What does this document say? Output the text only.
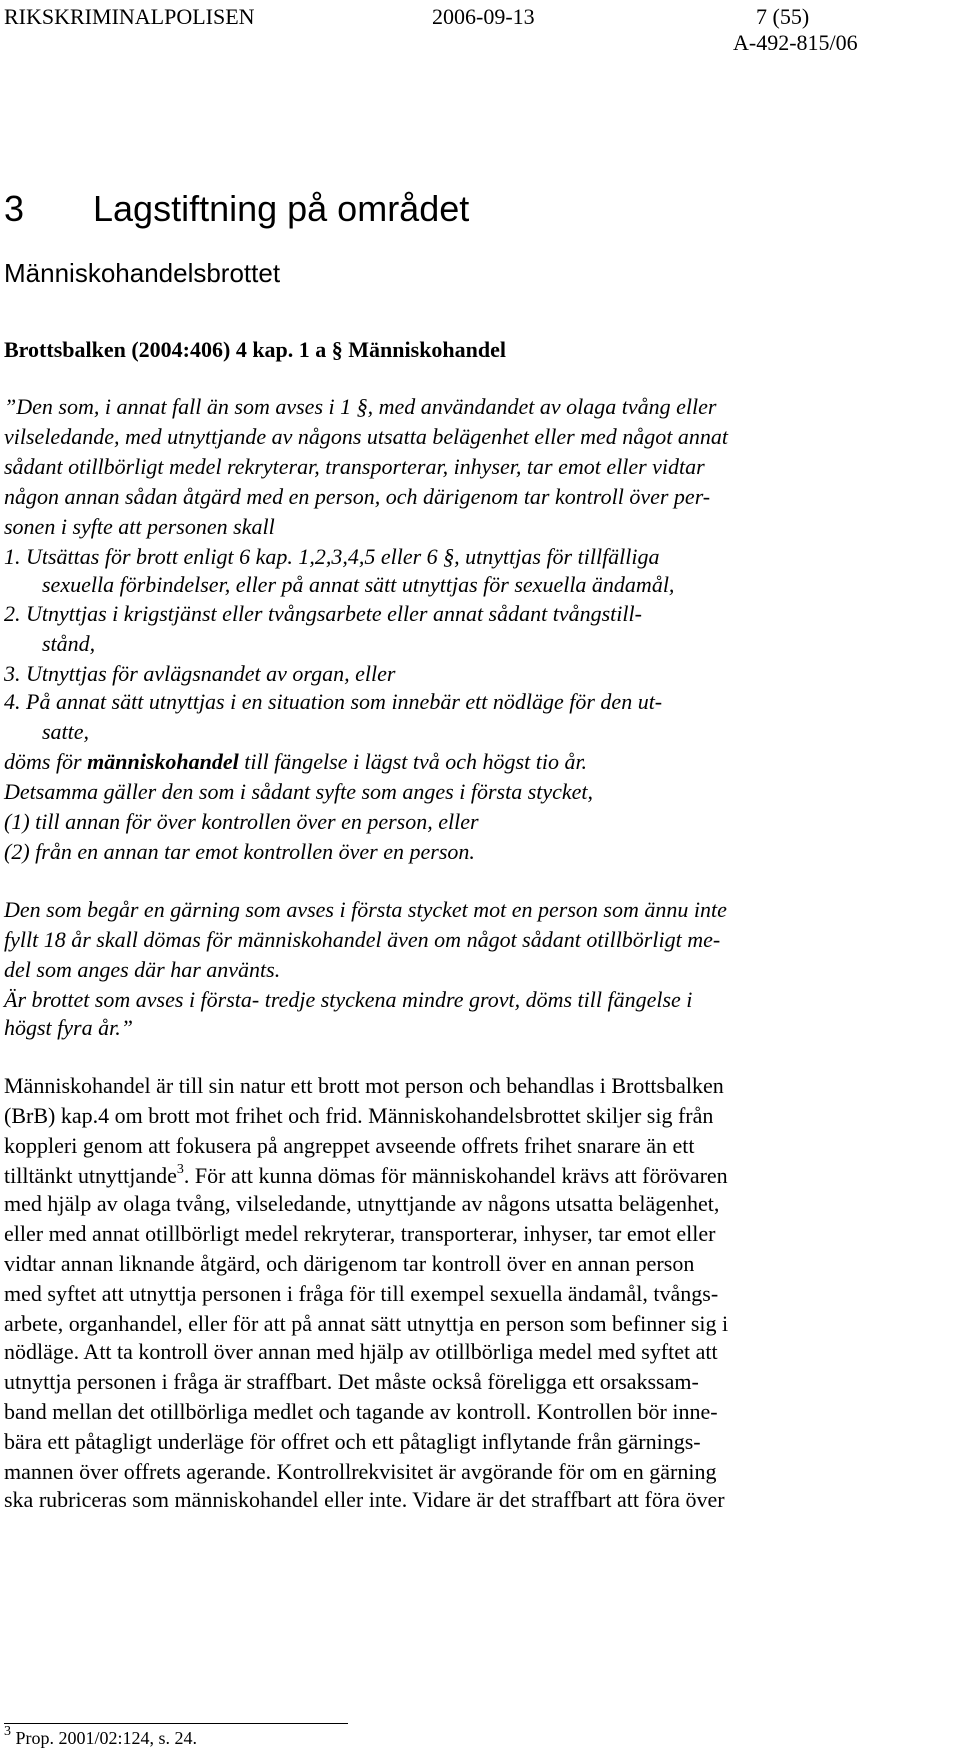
RIKSKRIMINALPOLISEN	2006-09-13	7 (55)
A-492-815/06
3 Lagstiftning på området
Människohandelsbrottet
Brottsbalken (2004:406) 4 kap. 1 a § Människohandel
”Den som, i annat fall än som avses i 1 §, med användandet av olaga tvång eller
vilseledande, med utnyttjande av någons utsatta belägenhet eller med något annat
sådant otillbörligt medel rekryterar, transporterar, inhyser, tar emot eller vidtar
någon annan sådan åtgärd med en person, och därigenom tar kontroll över per-
sonen i syfte att personen skall
1. Utsättas för brott enligt 6 kap. 1,2,3,4,5 eller 6 §, utnyttjas för tillfälliga
sexuella förbindelser, eller på annat sätt utnyttjas för sexuella ändamål,
2. Utnyttjas i krigstjänst eller tvångsarbete eller annat sådant tvångstill-
stånd,
3. Utnyttjas för avlägsnandet av organ, eller
4. På annat sätt utnyttjas i en situation som innebär ett nödläge för den ut-
satte,
döms för människohandel till fängelse i lägst två och högst tio år.
Detsamma gäller den som i sådant syfte som anges i första stycket,
(1) till annan för över kontrollen över en person, eller
(2) från en annan tar emot kontrollen över en person.
Den som begår en gärning som avses i första stycket mot en person som ännu inte
fyllt 18 år skall dömas för människohandel även om något sådant otillbörligt me-
del som anges där har använts.
Är brottet som avses i första- tredje styckena mindre grovt, döms till fängelse i
högst fyra år.”
Människohandel är till sin natur ett brott mot person och behandlas i Brottsbalken
(BrB) kap.4 om brott mot frihet och frid. Människohandelsbrottet skiljer sig från
koppleri genom att fokusera på angreppet avseende offrets frihet snarare än ett
tilltänkt utnyttjande$^3$. För att kunna dömas för människohandel krävs att förövaren
med hjälp av olaga tvång, vilseledande, utnyttjande av någons utsatta belägenhet,
eller med annat otillbörligt medel rekryterar, transporterar, inhyser, tar emot eller
vidtar annan liknande åtgärd, och därigenom tar kontroll över en annan person
med syftet att utnyttja personen i fråga för till exempel sexuella ändamål, tvångs-
arbete, organhandel, eller för att på annat sätt utnyttja en person som befinner sig i
nödläge. Att ta kontroll över annan med hjälp av otillbörliga medel med syftet att
utnyttja personen i fråga är straffbart. Det måste också föreligga ett orsakssam-
band mellan det otillbörliga medlet och tagande av kontroll. Kontrollen bör inne-
bära ett påtagligt underläge för offret och ett påtagligt inflytande från gärnings-
mannen över offrets agerande. Kontrollrekvisitet är avgörande för om en gärning
ska rubriceras som människohandel eller inte. Vidare är det straffbart att föra över
$^3$ Prop. 2001/02:124, s. 24.
